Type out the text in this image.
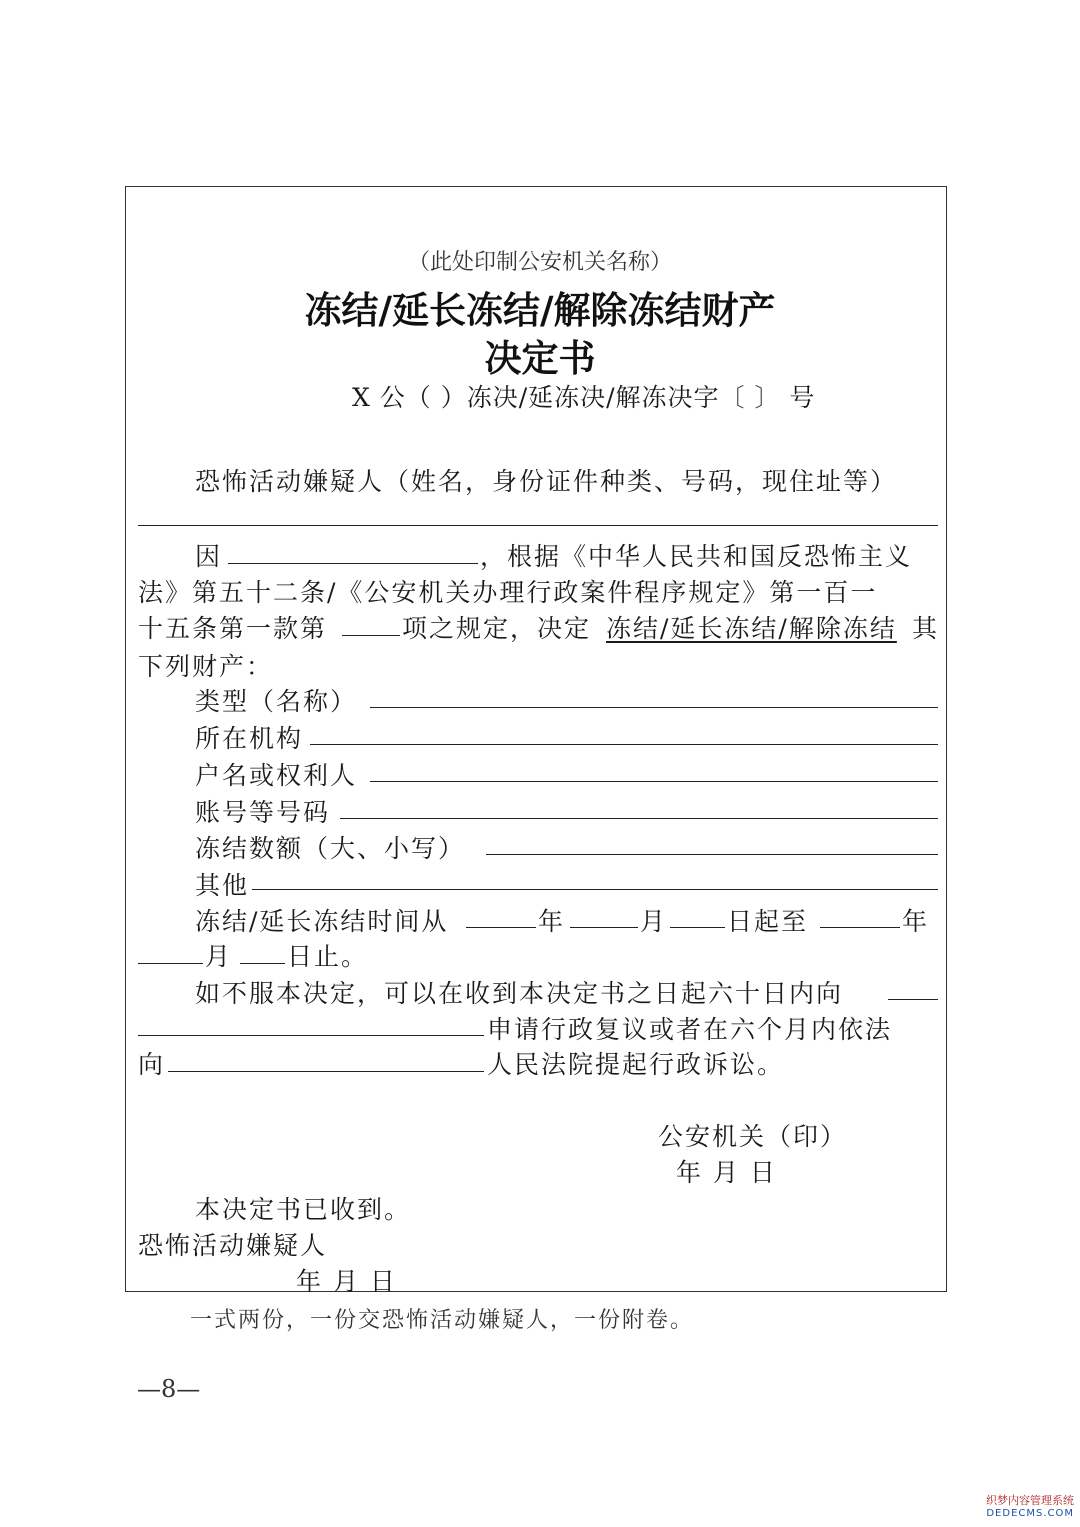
（此处印制公安机关名称）
冻结/延长冻结/解除冻结财产
决定书
X 公（ ）冻决/延冻决/解冻决字〔 〕 号
恐怖活动嫌疑人（姓名，身份证件种类、号码，现住址等）
因	，根据《中华人民共和国反恐怖主义
法》第五十二条/《公安机关办理行政案件程序规定》第一百一
十五条第一款第	项之规定，决定 冻结/延长冻结/解除冻结 其
下列财产：
类型（名称）
所在机构
户名或权利人
账号等号码
冻结数额（大、小写）
其他
冻结/延长冻结时间从	年	月 日起至	年
月 日止。
如不服本决定，可以在收到本决定书之日起六十日内向
申请行政复议或者在六个月内依法
向	人民法院提起行政诉讼。
公安机关（印）
年 月 日
本决定书已收到。
恐怖活动嫌疑人
年 月 日
一式两份，一份交恐怖活动嫌疑人，一份附卷。
—8—
织梦内容管理系统
DEDECMS.COM
